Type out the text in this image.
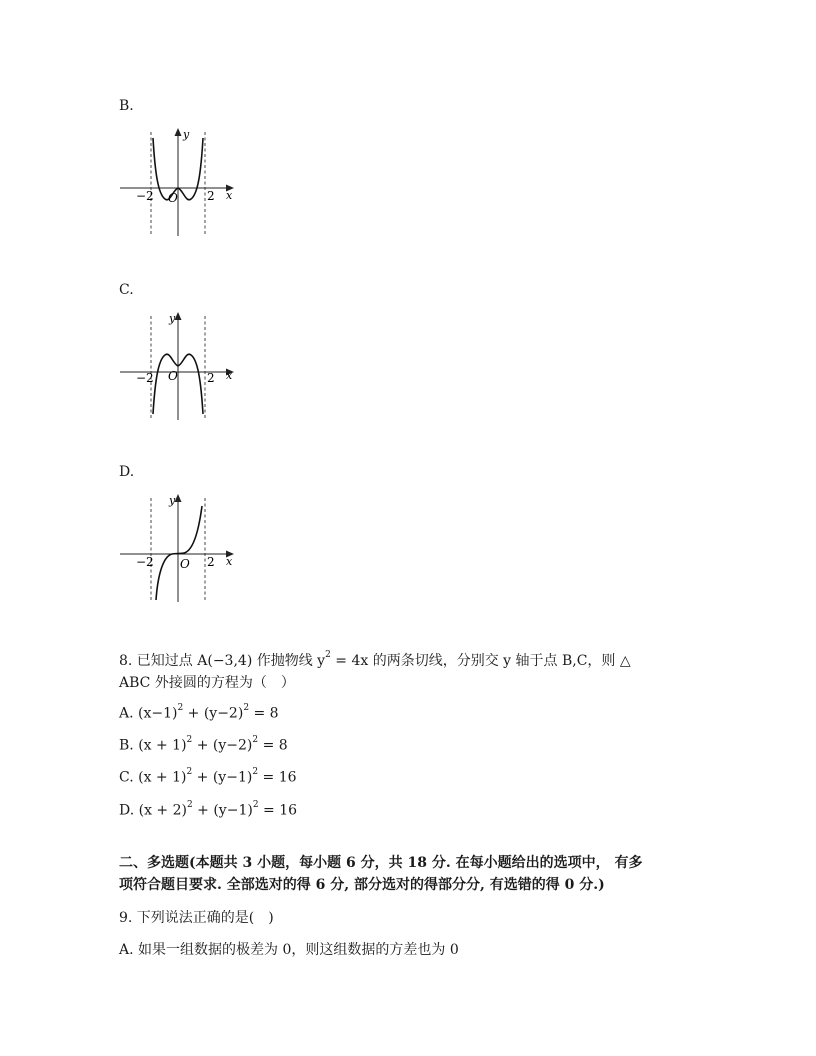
B.
y
x
O
−2	2
C.
y
x
O
−2	2
D.
y
x
O
−2	2
8. 已知过点 A(−3,4) 作抛物线 $y^2 = 4x$ 的两条切线，分别交 y 轴于点 B,C，则 △
ABC 外接圆的方程为（　）
A. $(x-1)^2 + (y-2)^2 = 8$
B. $(x + 1)^2 + (y-2)^2 = 8$
C. $(x + 1)^2 + (y-1)^2 = 16$
D. $(x + 2)^2 + (y-1)^2 = 16$
二、多选题(本题共 3 小题，每小题 6 分，共 18 分. 在每小题给出的选项中， 有多
项符合题目要求. 全部选对的得 6 分, 部分选对的得部分分, 有选错的得 0 分.)
9. 下列说法正确的是(　)
A. 如果一组数据的极差为 0，则这组数据的方差也为 0
